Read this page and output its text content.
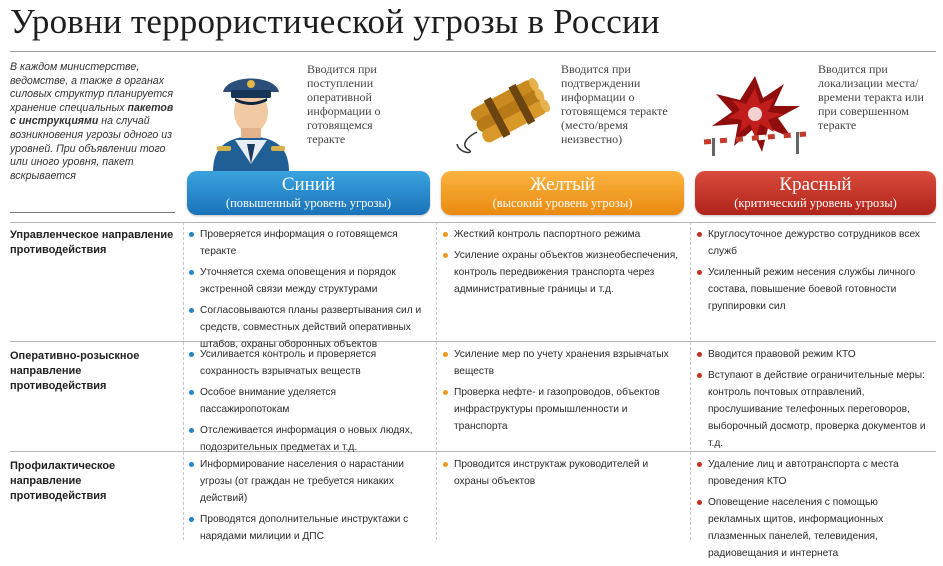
Уровни террористической угрозы в России
В каждом министерстве, ведомстве, а также в органах силовых структур планируется хранение специальных пакетов с инструкциями на случай возникновения угрозы одного из уровней. При объявлении того или иного уровня, пакет вскрывается
Вводится при поступлении оперативной информации о готовящемся теракте
Вводится при подтверждении информации о готовящемся теракте (место/время неизвестно)
Вводится при локализации места/времени теракта или при совершенном теракте
Синий
(повышенный уровень угрозы)
Желтый
(высокий уровень угрозы)
Красный
(критический уровень угрозы)
Управленческое направление противодействия
Оперативно-розыскное направление противодействия
Профилактическое направление противодействия
Проверяется информация о готовящемся теракте
Уточняется схема оповещения и порядок экстренной связи между структурами
Согласовываются планы развертывания сил и средств, совместных действий оперативных штабов, охраны оборонных объектов
Жесткий контроль паспортного режима
Усиление охраны объектов жизнеобеспечения, контроль передвижения транспорта через административные границы и т.д.
Круглосуточное дежурство сотрудников всех служб
Усиленный режим несения службы личного состава, повышение боевой готовности группировки сил
Усиливается контроль и проверяется сохранность взрывчатых веществ
Особое внимание уделяется пассажиропотокам
Отслеживается информация о новых людях, подозрительных предметах и т.д.
Усиление мер по учету хранения взрывчатых веществ
Проверка нефте- и газопроводов, объектов инфраструктуры промышленности и транспорта
Вводится правовой режим КТО
Вступают в действие ограничительные меры: контроль почтовых отправлений, прослушивание телефонных переговоров, выборочный досмотр, проверка документов и т.д.
Информирование населения о нарастании угрозы (от граждан не требуется никаких действий)
Проводятся дополнительные инструктажи с нарядами милиции и ДПС
Проводится инструктаж руководителей и охраны объектов
Удаление лиц и автотранспорта с места проведения КТО
Оповещение населения с помощью рекламных щитов, информационных плазменных панелей, телевидения, радиовещания и интернета
